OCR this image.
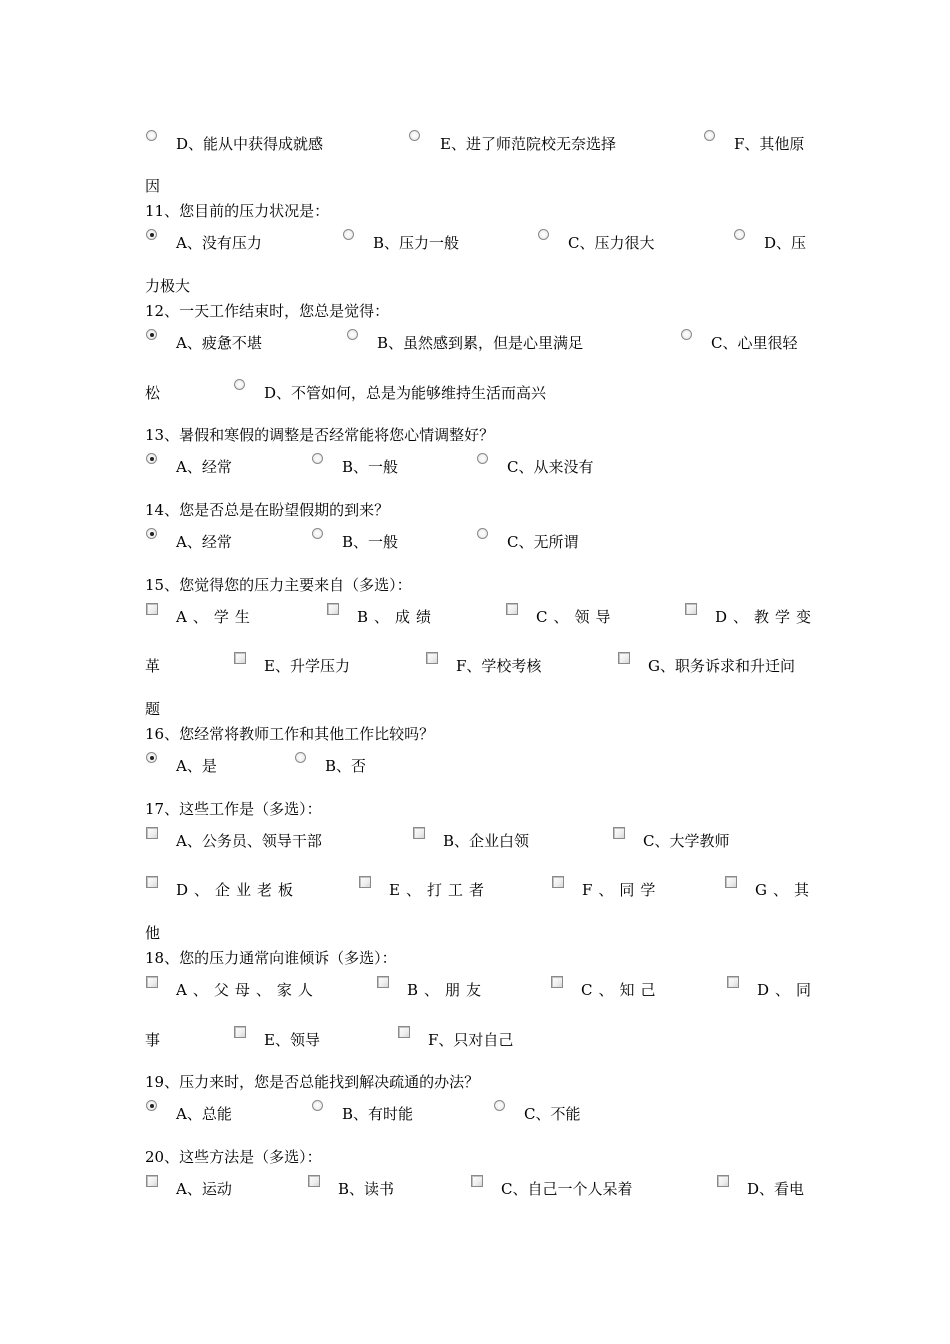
D、能从中获得成就感	E、进了师范院校无奈选择	F、其他原
因
11、您目前的压力状况是：
A、没有压力	B、压力一般	C、压力很大	D、压
力极大
12、一天工作结束时，您总是觉得：
A、疲惫不堪	B、虽然感到累，但是心里满足	C、心里很轻
松	D、不管如何，总是为能够维持生活而高兴
13、暑假和寒假的调整是否经常能将您心情调整好？
A、经常	B、一般	C、从来没有
14、您是否总是在盼望假期的到来？
A、经常	B、一般	C、无所谓
15、您觉得您的压力主要来自（多选）：
A、学生	B、成绩	C、领导	D、教学变
革	E、升学压力	F、学校考核	G、职务诉求和升迁问
题
16、您经常将教师工作和其他工作比较吗？
A、是	B、否
17、这些工作是（多选）：
A、公务员、领导干部	B、企业白领	C、大学教师
D、企业老板	E、打工者	F、同学	G、其
他
18、您的压力通常向谁倾诉（多选）：
A、父母、家人	B、朋友	C、知己	D、同
事	E、领导	F、只对自己
19、压力来时，您是否总能找到解决疏通的办法？
A、总能	B、有时能	C、不能
20、这些方法是（多选）：
A、运动	B、读书	C、自己一个人呆着	D、看电
